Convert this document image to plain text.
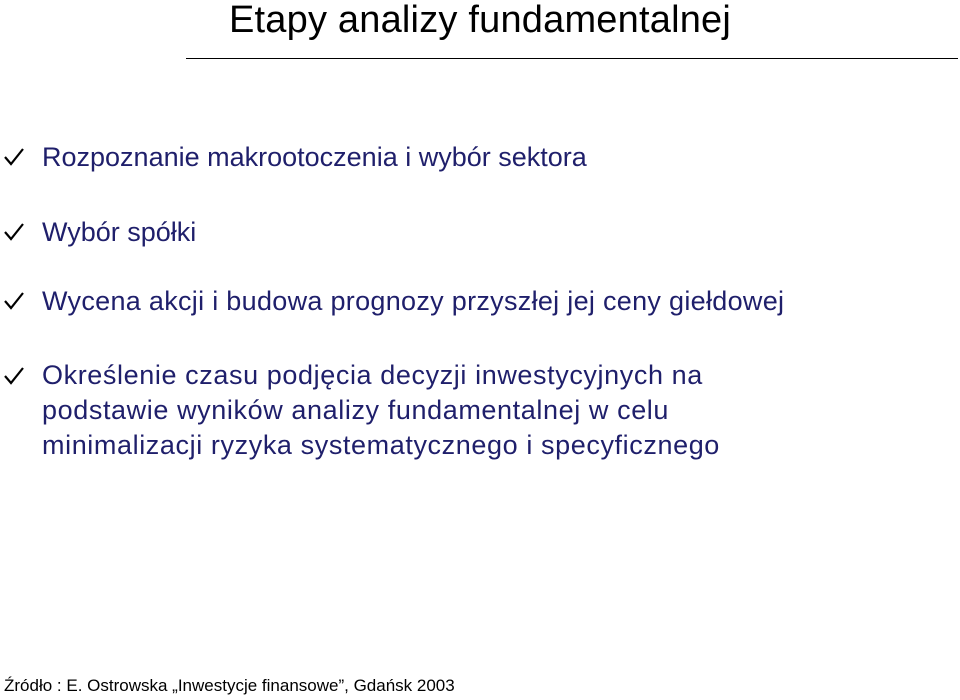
Etapy analizy fundamentalnej
Rozpoznanie makrootoczenia i wybór sektora
Wybór spółki
Wycena akcji i budowa prognozy przyszłej jej ceny giełdowej
Określenie czasu podjęcia decyzji inwestycyjnych na
podstawie wyników analizy fundamentalnej w celu
minimalizacji ryzyka systematycznego i specyficznego
Źródło : E. Ostrowska „Inwestycje finansowe”, Gdańsk 2003
